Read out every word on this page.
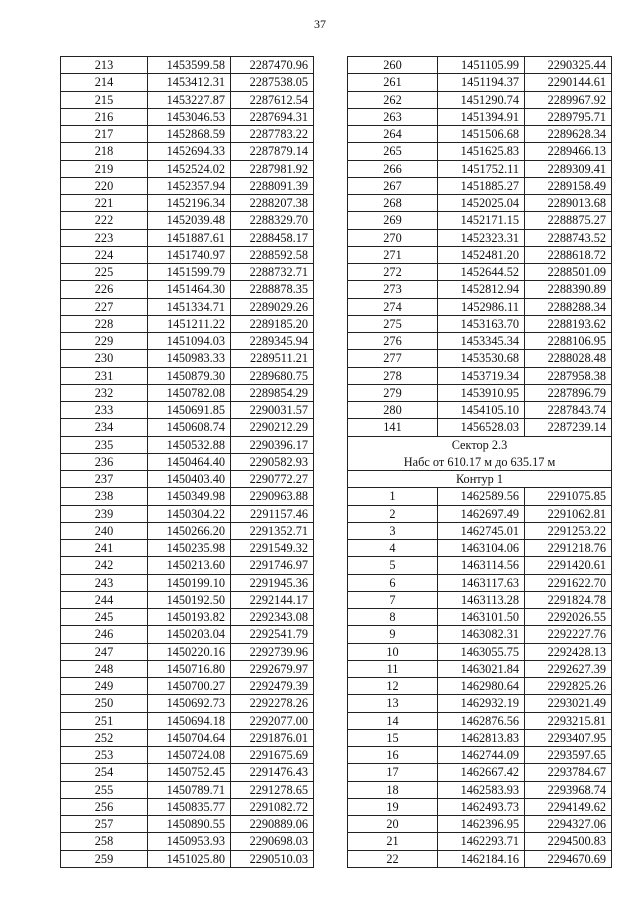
37
213	1453599.58	2287470.96
214	1453412.31	2287538.05
215	1453227.87	2287612.54
216	1453046.53	2287694.31
217	1452868.59	2287783.22
218	1452694.33	2287879.14
219	1452524.02	2287981.92
220	1452357.94	2288091.39
221	1452196.34	2288207.38
222	1452039.48	2288329.70
223	1451887.61	2288458.17
224	1451740.97	2288592.58
225	1451599.79	2288732.71
226	1451464.30	2288878.35
227	1451334.71	2289029.26
228	1451211.22	2289185.20
229	1451094.03	2289345.94
230	1450983.33	2289511.21
231	1450879.30	2289680.75
232	1450782.08	2289854.29
233	1450691.85	2290031.57
234	1450608.74	2290212.29
235	1450532.88	2290396.17
236	1450464.40	2290582.93
237	1450403.40	2290772.27
238	1450349.98	2290963.88
239	1450304.22	2291157.46
240	1450266.20	2291352.71
241	1450235.98	2291549.32
242	1450213.60	2291746.97
243	1450199.10	2291945.36
244	1450192.50	2292144.17
245	1450193.82	2292343.08
246	1450203.04	2292541.79
247	1450220.16	2292739.96
248	1450716.80	2292679.97
249	1450700.27	2292479.39
250	1450692.73	2292278.26
251	1450694.18	2292077.00
252	1450704.64	2291876.01
253	1450724.08	2291675.69
254	1450752.45	2291476.43
255	1450789.71	2291278.65
256	1450835.77	2291082.72
257	1450890.55	2290889.06
258	1450953.93	2290698.03
259	1451025.80	2290510.03
260	1451105.99	2290325.44
261	1451194.37	2290144.61
262	1451290.74	2289967.92
263	1451394.91	2289795.71
264	1451506.68	2289628.34
265	1451625.83	2289466.13
266	1451752.11	2289309.41
267	1451885.27	2289158.49
268	1452025.04	2289013.68
269	1452171.15	2288875.27
270	1452323.31	2288743.52
271	1452481.20	2288618.72
272	1452644.52	2288501.09
273	1452812.94	2288390.89
274	1452986.11	2288288.34
275	1453163.70	2288193.62
276	1453345.34	2288106.95
277	1453530.68	2288028.48
278	1453719.34	2287958.38
279	1453910.95	2287896.79
280	1454105.10	2287843.74
141	1456528.03	2287239.14
Сектор 2.3		
Набс от 610.17 м до 635.17 м		
Контур 1		
1	1462589.56	2291075.85
2	1462697.49	2291062.81
3	1462745.01	2291253.22
4	1463104.06	2291218.76
5	1463114.56	2291420.61
6	1463117.63	2291622.70
7	1463113.28	2291824.78
8	1463101.50	2292026.55
9	1463082.31	2292227.76
10	1463055.75	2292428.13
11	1463021.84	2292627.39
12	1462980.64	2292825.26
13	1462932.19	2293021.49
14	1462876.56	2293215.81
15	1462813.83	2293407.95
16	1462744.09	2293597.65
17	1462667.42	2293784.67
18	1462583.93	2293968.74
19	1462493.73	2294149.62
20	1462396.95	2294327.06
21	1462293.71	2294500.83
22	1462184.16	2294670.69
